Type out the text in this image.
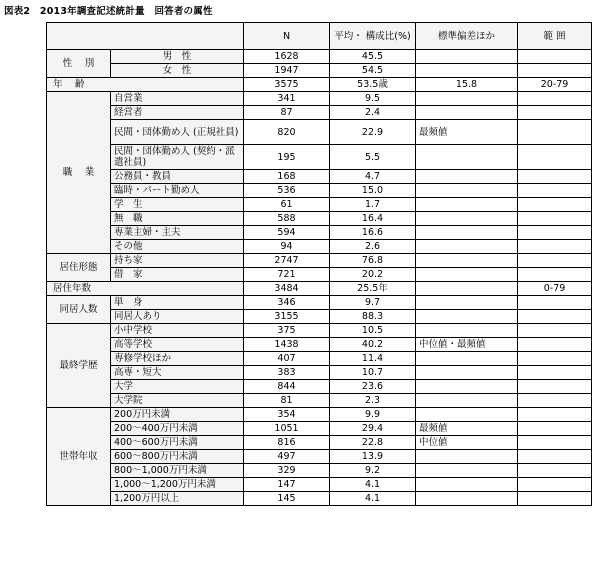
図表2　2013年調査記述統計量　回答者の属性
		N	平均・ 構成比(%)	標準偏差ほか	範 囲
性　 別	男　性	1628	45.5		
	女　性	1947	54.5		
年　 齢		3575	53.5歳	15.8	20-79
職　 業	自営業	341	9.5		
	経営者	87	2.4		
	民間・団体勤め人 (正規社員)	820	22.9	最頻値	
	民間・団体勤め人 (契約・派遣社員)	195	5.5		
	公務員・教員	168	4.7		
	臨時・パート勤め人	536	15.0		
	学　生	61	1.7		
	無　職	588	16.4		
	専業主婦・主夫	594	16.6		
	その他	94	2.6		
居住形態	持ち家	2747	76.8		
	借　家	721	20.2		
居住年数		3484	25.5年		0-79
同居人数	単　身	346	9.7		
	同居人あり	3155	88.3		
最終学歴	小中学校	375	10.5		
	高等学校	1438	40.2	中位値・最頻値	
	専修学校ほか	407	11.4		
	高専・短大	383	10.7		
	大学	844	23.6		
	大学院	81	2.3		
世帯年収	200万円未満	354	9.9		
	200～400万円未満	1051	29.4	最頻値	
	400～600万円未満	816	22.8	中位値	
	600～800万円未満	497	13.9		
	800～1,000万円未満	329	9.2		
	1,000～1,200万円未満	147	4.1		
	1,200万円以上	145	4.1		
